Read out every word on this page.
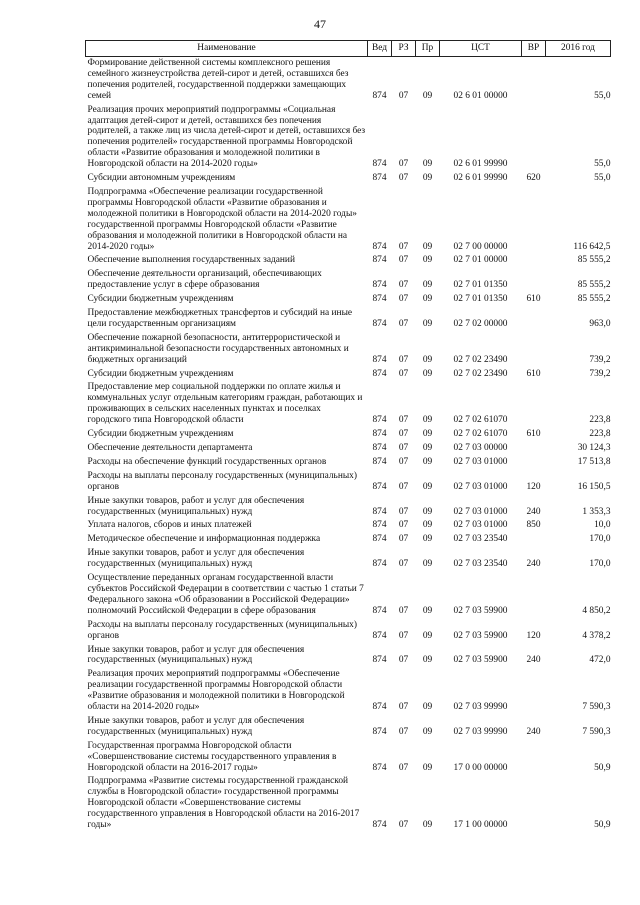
47
Наименование	Вед	РЗ	Пр	ЦСТ	ВР	2016 год
Формирование действенной системы комплексного решения семейного жизнеустройства детей-сирот и детей, оставшихся без попечения родителей, государственной поддержки замещающих семей	874	07	09	02 6 01 00000		55,0
Реализация прочих мероприятий подпрограммы «Социальная адаптация детей-сирот и детей, оставшихся без попечения родителей, а также лиц из числа детей-сирот и детей, оставшихся без попечения родителей» государственной программы Новгородской области «Развитие образования и молодежной политики в Новгородской области на 2014-2020 годы»	874	07	09	02 6 01 99990		55,0
Субсидии автономным учреждениям	874	07	09	02 6 01 99990	620	55,0
Подпрограмма «Обеспечение реализации государственной программы Новгородской области «Развитие образования и молодежной политики в Новгородской области на 2014-2020 годы» государственной программы Новгородской области «Развитие образования и молодежной политики в Новгородской области на 2014-2020 годы»	874	07	09	02 7 00 00000		116 642,5
Обеспечение выполнения государственных заданий	874	07	09	02 7 01 00000		85 555,2
Обеспечение деятельности организаций, обеспечивающих предоставление услуг в сфере образования	874	07	09	02 7 01 01350		85 555,2
Субсидии бюджетным учреждениям	874	07	09	02 7 01 01350	610	85 555,2
Предоставление межбюджетных трансфертов и субсидий на иные цели государственным организациям	874	07	09	02 7 02 00000		963,0
Обеспечение пожарной безопасности, антитеррористической и антикриминальной безопасности государственных автономных и бюджетных организаций	874	07	09	02 7 02 23490		739,2
Субсидии бюджетным учреждениям	874	07	09	02 7 02 23490	610	739,2
Предоставление мер социальной поддержки по оплате жилья и коммунальных услуг отдельным категориям граждан, работающих и проживающих в сельских населенных пунктах и поселках городского типа Новгородской области	874	07	09	02 7 02 61070		223,8
Субсидии бюджетным учреждениям	874	07	09	02 7 02 61070	610	223,8
Обеспечение деятельности департамента	874	07	09	02 7 03 00000		30 124,3
Расходы на обеспечение функций государственных органов	874	07	09	02 7 03 01000		17 513,8
Расходы на выплаты персоналу государственных (муниципальных) органов	874	07	09	02 7 03 01000	120	16 150,5
Иные закупки товаров, работ и услуг для обеспечения государственных (муниципальных) нужд	874	07	09	02 7 03 01000	240	1 353,3
Уплата налогов, сборов и иных платежей	874	07	09	02 7 03 01000	850	10,0
Методическое обеспечение и информационная поддержка	874	07	09	02 7 03 23540		170,0
Иные закупки товаров, работ и услуг для обеспечения государственных (муниципальных) нужд	874	07	09	02 7 03 23540	240	170,0
Осуществление переданных органам государственной власти субъектов Российской Федерации в соответствии с частью 1 статьи 7 Федерального закона «Об образовании в Российской Федерации» полномочий Российской Федерации в сфере образования	874	07	09	02 7 03 59900		4 850,2
Расходы на выплаты персоналу государственных (муниципальных) органов	874	07	09	02 7 03 59900	120	4 378,2
Иные закупки товаров, работ и услуг для обеспечения государственных (муниципальных) нужд	874	07	09	02 7 03 59900	240	472,0
Реализация прочих мероприятий подпрограммы «Обеспечение реализации государственной программы Новгородской области «Развитие образования и молодежной политики в Новгородской области на 2014-2020 годы»	874	07	09	02 7 03 99990		7 590,3
Иные закупки товаров, работ и услуг для обеспечения государственных (муниципальных) нужд	874	07	09	02 7 03 99990	240	7 590,3
Государственная программа Новгородской области «Совершенствование системы государственного управления в Новгородской области на 2016-2017 годы»	874	07	09	17 0 00 00000		50,9
Подпрограмма «Развитие системы государственной гражданской службы в Новгородской области» государственной программы Новгородской области «Совершенствование системы государственного управления в Новгородской области на 2016-2017 годы»	874	07	09	17 1 00 00000		50,9
